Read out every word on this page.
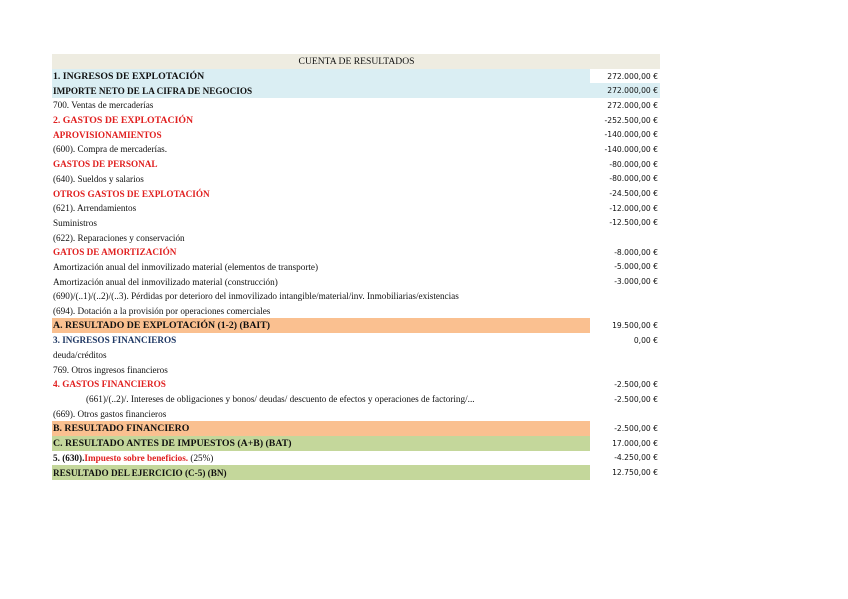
CUENTA DE RESULTADOS
1. INGRESOS DE EXPLOTACIÓN	272.000,00 €
IMPORTE NETO DE LA CIFRA DE NEGOCIOS	272.000,00 €
700. Ventas de mercaderías	272.000,00 €
2. GASTOS DE EXPLOTACIÓN	-252.500,00 €
APROVISIONAMIENTOS	-140.000,00 €
(600). Compra de mercaderías.	-140.000,00 €
GASTOS DE PERSONAL	-80.000,00 €
(640). Sueldos y salarios	-80.000,00 €
OTROS GASTOS DE EXPLOTACIÓN	-24.500,00 €
(621). Arrendamientos	-12.000,00 €
Suministros	-12.500,00 €
(622). Reparaciones y conservación
GATOS DE AMORTIZACIÓN	-8.000,00 €
Amortización anual del inmovilizado material (elementos de transporte)	-5.000,00 €
Amortización anual del inmovilizado material (construcción)	-3.000,00 €
(690)/(..1)/(..2)/(..3). Pérdidas por deterioro del inmovilizado intangible/material/inv. Inmobiliarias/existencias
(694). Dotación a la provisión por operaciones comerciales
A. RESULTADO DE EXPLOTACIÓN (1-2) (BAIT)	19.500,00 €
3. INGRESOS FINANCIEROS	0,00 €
deuda/créditos
769. Otros ingresos financieros
4. GASTOS FINANCIEROS	-2.500,00 €
(661)/(..2)/. Intereses de obligaciones y bonos/ deudas/ descuento de efectos y operaciones de factoring/...	-2.500,00 €
(669). Otros gastos financieros
B. RESULTADO FINANCIERO	-2.500,00 €
C. RESULTADO ANTES DE IMPUESTOS (A+B) (BAT)	17.000,00 €
5. (630). Impuesto sobre beneficios. (25%)	-4.250,00 €
RESULTADO DEL EJERCICIO (C-5) (BN)	12.750,00 €
